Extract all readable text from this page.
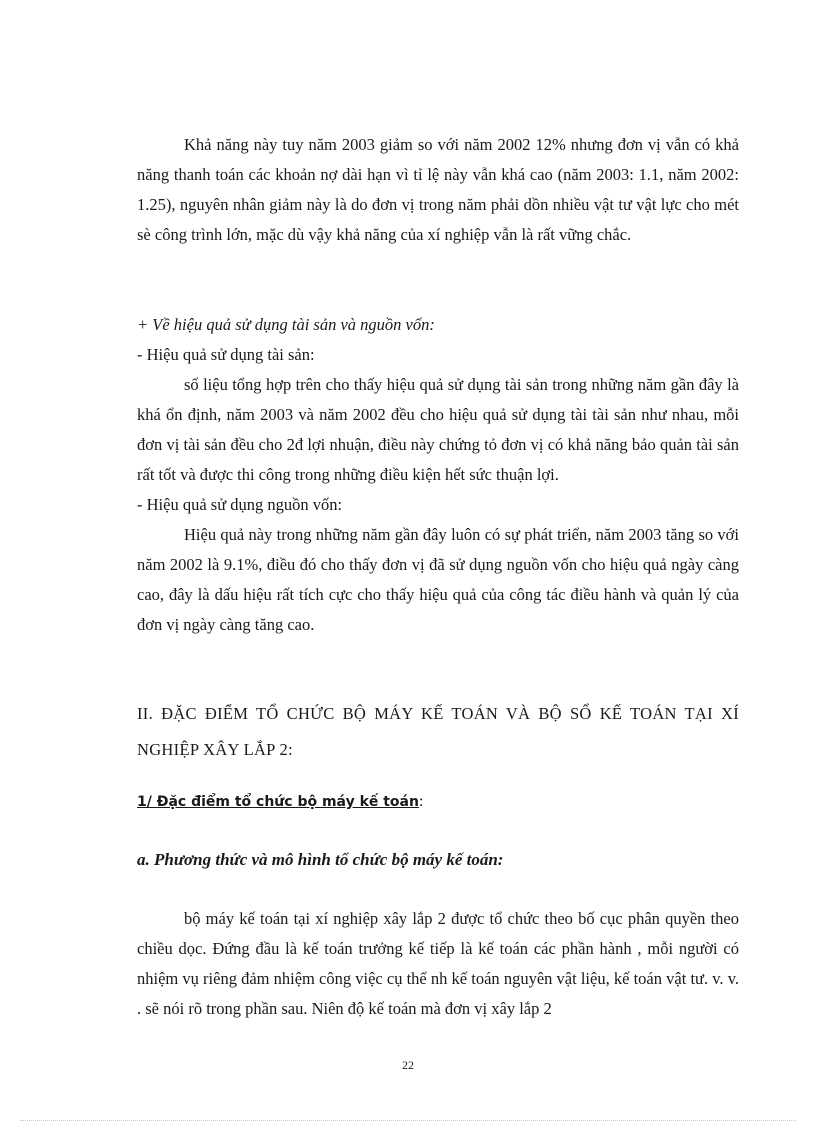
Khả năng này tuy năm 2003 giảm so với năm 2002 12% nhưng đơn vị vẫn có khả năng thanh toán các khoản nợ dài hạn vì tỉ lệ này vẫn khá cao (năm 2003: 1.1, năm 2002: 1.25), nguyên nhân giảm này là do đơn vị trong năm phải dồn nhiều vật tư vật lực cho mét sè công trình lớn, mặc dù vậy khả năng của xí nghiệp vẫn là rất vững chắc.

+ Về hiệu quả sử dụng tài sản và nguồn vốn:

- Hiệu quả sử dụng tài sản:

số liệu tổng hợp trên cho thấy hiệu quả sử dụng tài sản trong những năm gần đây là khá ổn định, năm 2003 và năm 2002 đều cho hiệu quả sử dụng tài tài sản như nhau, mỗi đơn vị tài sản đều cho 2đ lợi nhuận, điều này chứng tỏ đơn vị có khả năng bảo quản tài sản rất tốt và được thi công trong những điều kiện hết sức thuận lợi.

- Hiệu quả sử dụng nguồn vốn:

Hiệu quả này trong những năm gần đây luôn có sự phát triển, năm 2003 tăng so với năm 2002 là 9.1%, điều đó cho thấy đơn vị đã sử dụng nguồn vốn cho hiệu quả ngày càng cao, đây là dấu hiệu rất tích cực cho thấy hiệu quả của công tác điều hành và quản lý của đơn vị ngày càng tăng cao.

II. ĐẶC ĐIỂM TỔ CHỨC BỘ MÁY KẾ TOÁN VÀ BỘ SỔ KẾ TOÁN TẠI XÍ NGHIỆP XÂY LẮP 2:

1/ Đặc điểm tổ chức bộ máy kế toán:

a. Phương thức và mô hình tổ chức bộ máy kế toán:

bộ máy kế toán tại xí nghiệp xây lắp 2 được tổ chức theo bố cục phân quyền theo chiều dọc. Đứng đầu là kế toán trưởng kế tiếp là kế toán các phần hành , mỗi người có nhiệm vụ riêng đảm nhiệm công việc cụ thể nh kế toán nguyên vật liệu, kế toán vật tư. v. v. . sẽ nói rõ trong phần sau. Niên độ kế toán mà đơn vị xây lắp 2

22
